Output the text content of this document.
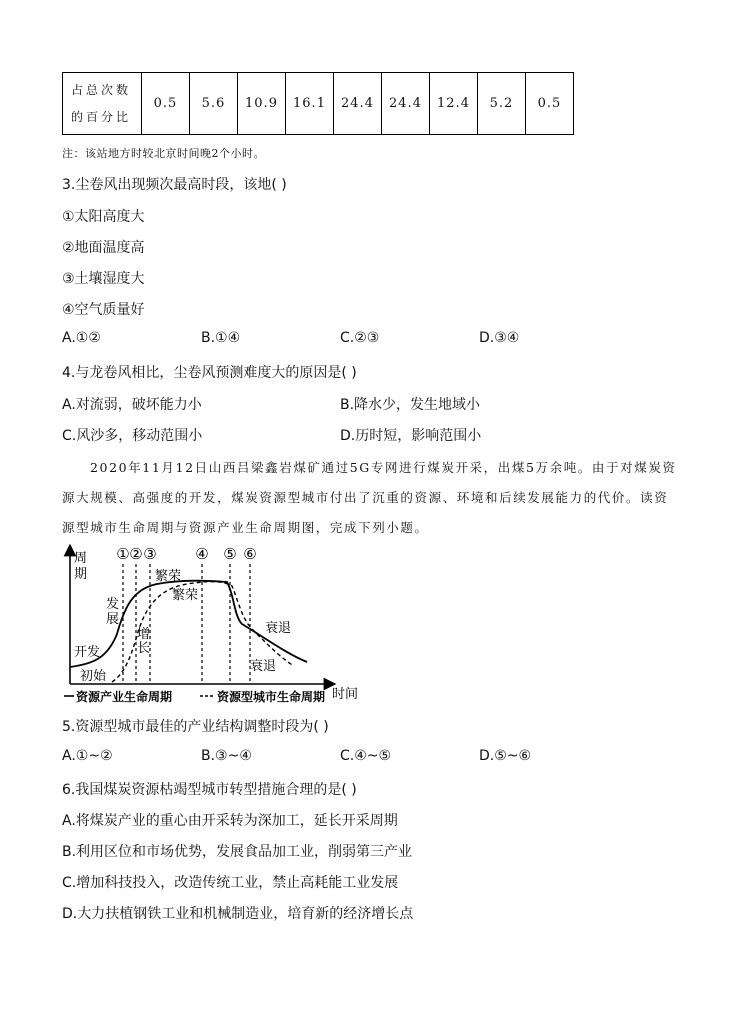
占总次数
的百分比	0.5	5.6	10.9	16.1	24.4	24.4	12.4	5.2	0.5
注：该站地方时较北京时间晚2个小时。
3.尘卷风出现频次最高时段，该地( )
①太阳高度大
②地面温度高
③土壤湿度大
④空气质量好
A.①②	B.①④	C.②③	D.③④
4.与龙卷风相比，尘卷风预测难度大的原因是( )
A.对流弱，破坏能力小	B.降水少，发生地域小
C.风沙多，移动范围小	D.历时短，影响范围小
2020年11月12日山西吕梁鑫岩煤矿通过5G专网进行煤炭开采，出煤5万余吨。由于对煤炭资
源大规模、高强度的开发，煤炭资源型城市付出了沉重的资源、环境和后续发展能力的代价。读资
源型城市生命周期与资源产业生命周期图，完成下列小题。
周
期
时间
① ② ③	④ ⑤ ⑥
开发
发
展
繁荣
衰退
初始
增
长
繁荣
衰退
资源产业生命周期	资源型城市生命周期
5.资源型城市最佳的产业结构调整时段为( )
A.①~②	B.③~④	C.④~⑤	D.⑤~⑥
6.我国煤炭资源枯竭型城市转型措施合理的是( )
A.将煤炭产业的重心由开采转为深加工，延长开采周期
B.利用区位和市场优势，发展食品加工业，削弱第三产业
C.增加科技投入，改造传统工业，禁止高耗能工业发展
D.大力扶植钢铁工业和机械制造业，培育新的经济增长点
